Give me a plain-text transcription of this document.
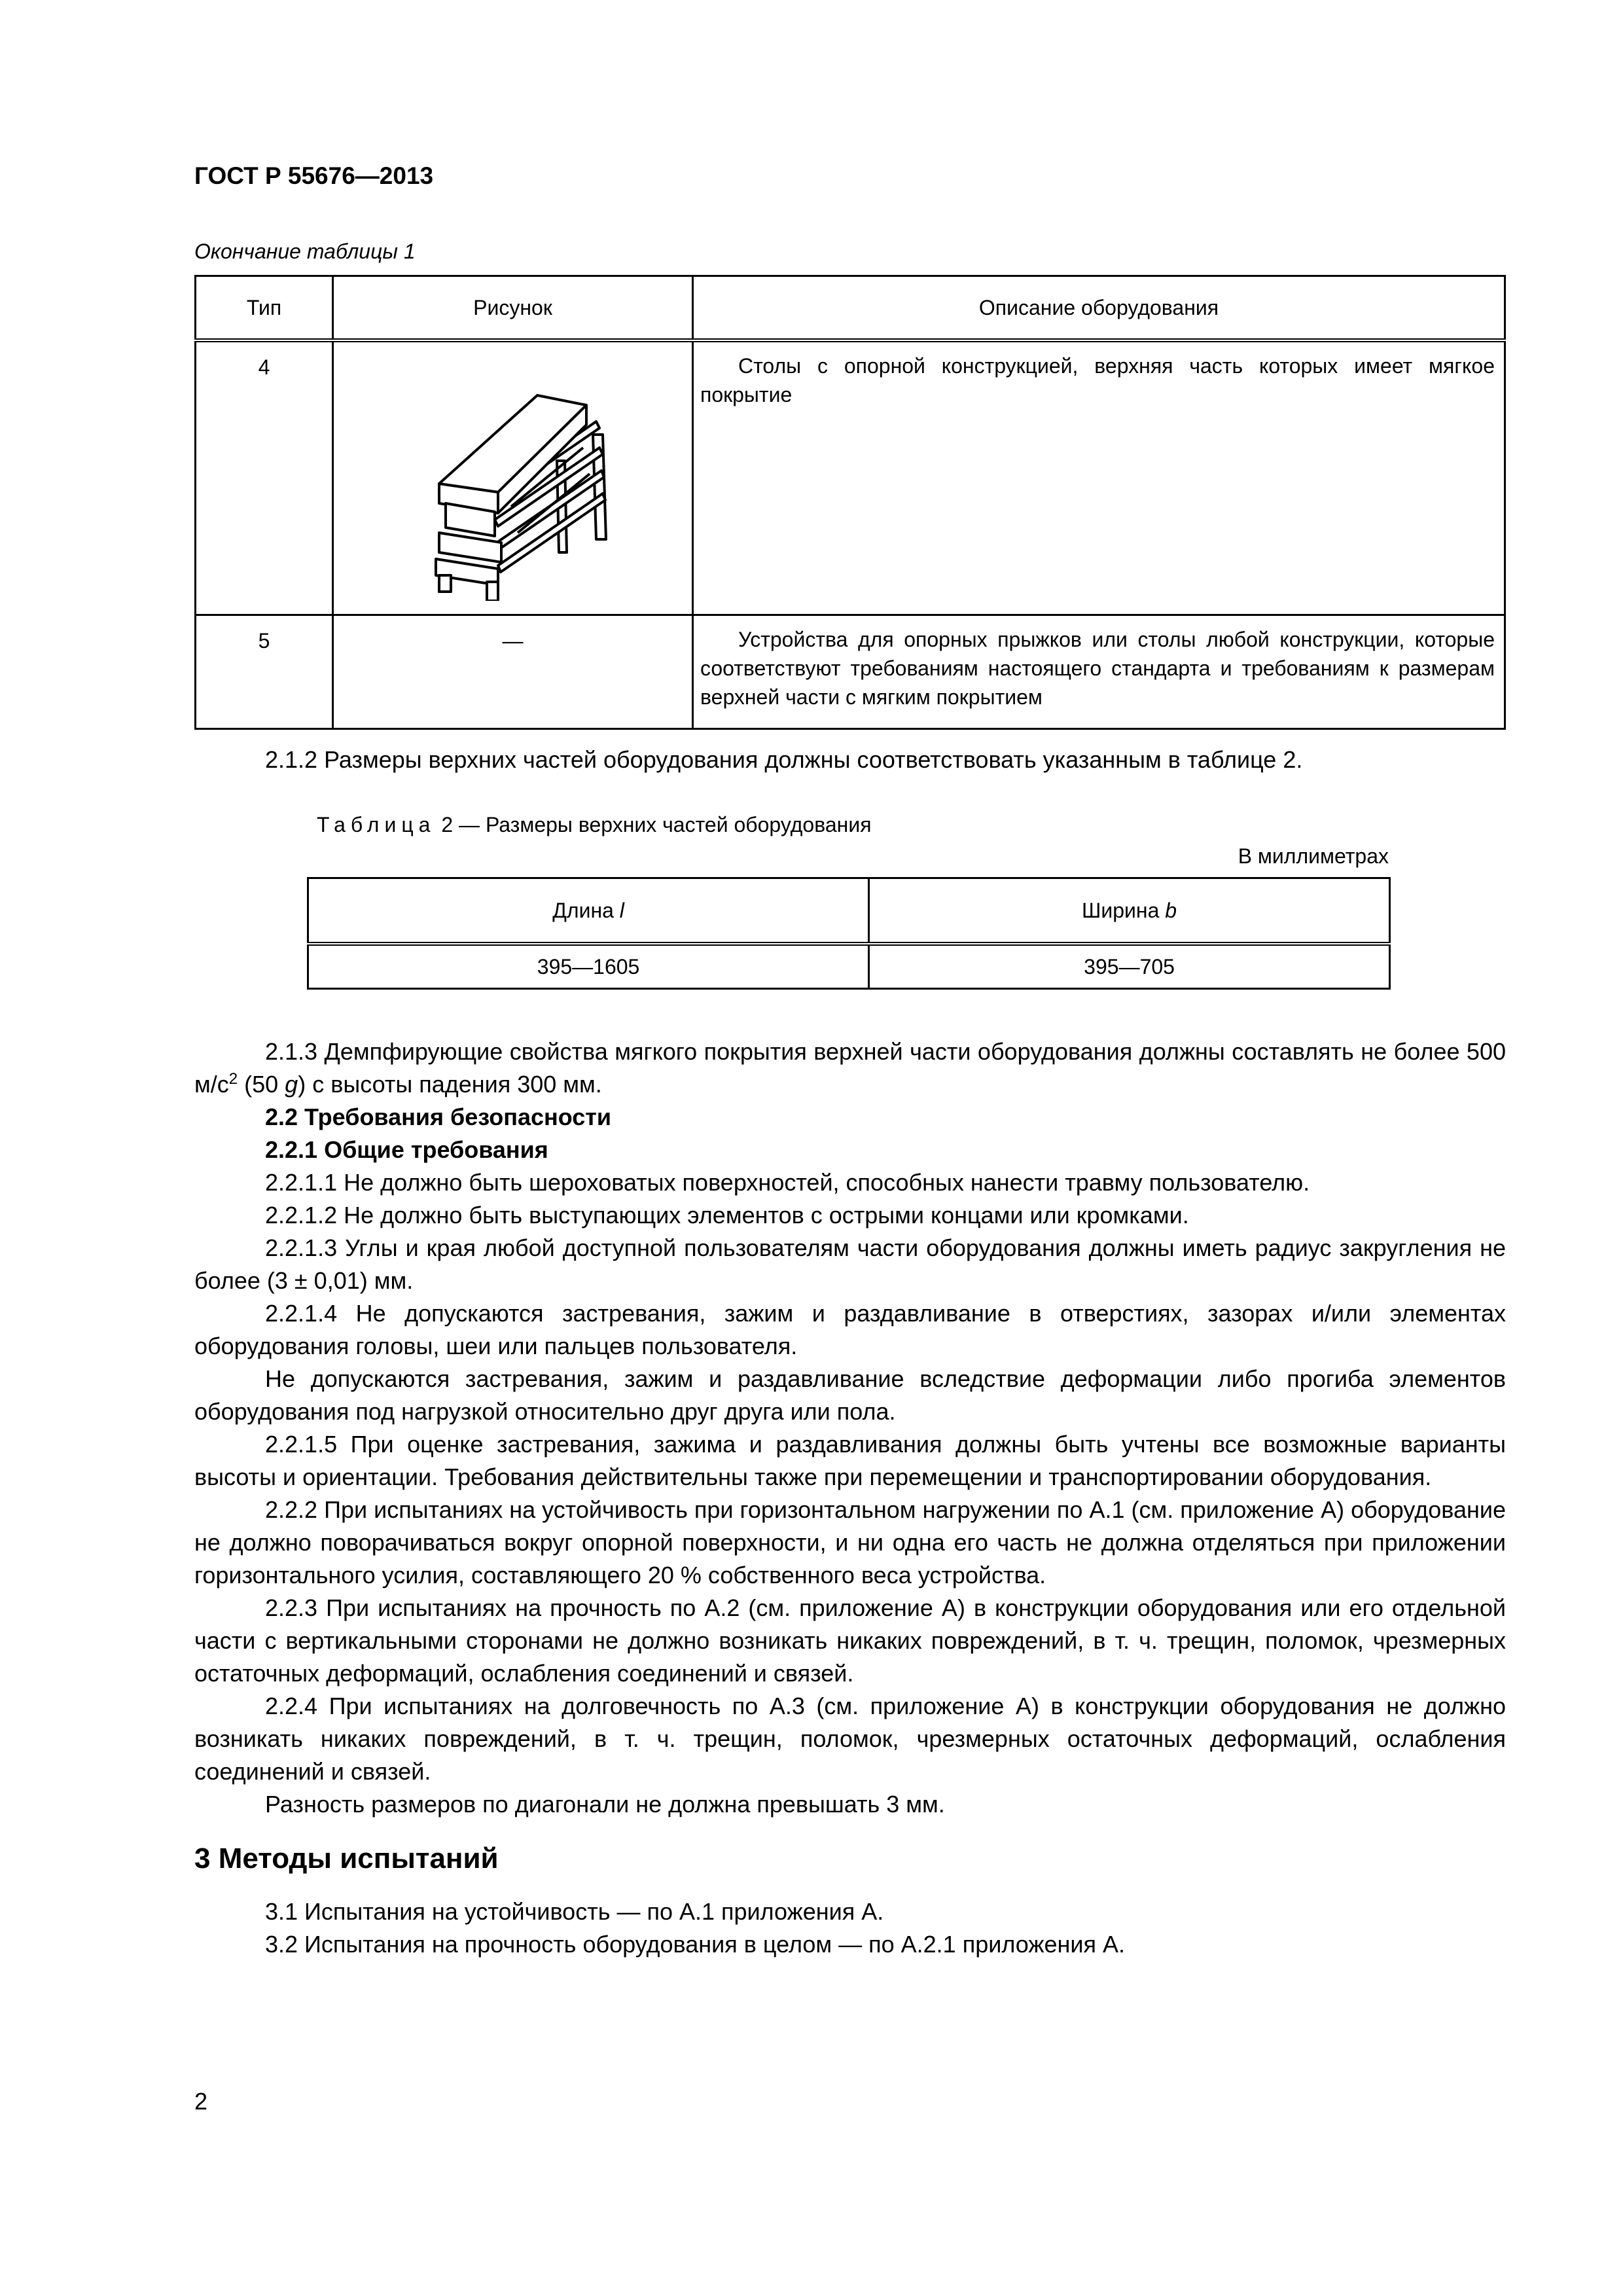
ГОСТ Р 55676—2013
Окончание таблицы 1
Тип	Рисунок	Описание оборудования
4		Столы с опорной конструкцией, верхняя часть которых имеет мягкое покрытие
5	—	Устройства для опорных прыжков или столы любой конструкции, которые соответствуют требованиям настоящего стандарта и требованиям к размерам верхней части с мягким покрытием
2.1.2 Размеры верхних частей оборудования должны соответствовать указанным в таблице 2.
Таблица 2 — Размеры верхних частей оборудования
В миллиметрах
Длина l	Ширина b
395—1605	395—705

2.1.3 Демпфирующие свойства мягкого покрытия верхней части оборудования должны составлять не более 500 $м/с^2$ (50 g) с высоты падения 300 мм.

2.2 Требования безопасности

2.2.1 Общие требования

2.2.1.1 Не должно быть шероховатых поверхностей, способных нанести травму пользователю.

2.2.1.2 Не должно быть выступающих элементов с острыми концами или кромками.

2.2.1.3 Углы и края любой доступной пользователям части оборудования должны иметь радиус закругления не более (3 ± 0,01) мм.

2.2.1.4 Не допускаются застревания, зажим и раздавливание в отверстиях, зазорах и/или элементах оборудования головы, шеи или пальцев пользователя.

Не допускаются застревания, зажим и раздавливание вследствие деформации либо прогиба элементов оборудования под нагрузкой относительно друг друга или пола.

2.2.1.5 При оценке застревания, зажима и раздавливания должны быть учтены все возможные варианты высоты и ориентации. Требования действительны также при перемещении и транспортировании оборудования.

2.2.2 При испытаниях на устойчивость при горизонтальном нагружении по А.1 (см. приложение А) оборудование не должно поворачиваться вокруг опорной поверхности, и ни одна его часть не должна отделяться при приложении горизонтального усилия, составляющего 20 % собственного веса устройства.

2.2.3 При испытаниях на прочность по А.2 (см. приложение А) в конструкции оборудования или его отдельной части с вертикальными сторонами не должно возникать никаких повреждений, в т. ч. трещин, поломок, чрезмерных остаточных деформаций, ослабления соединений и связей.

2.2.4 При испытаниях на долговечность по А.3 (см. приложение А) в конструкции оборудования не должно возникать никаких повреждений, в т. ч. трещин, поломок, чрезмерных остаточных деформаций, ослабления соединений и связей.

Разность размеров по диагонали не должна превышать 3 мм.

3 Методы испытаний

3.1 Испытания на устойчивость — по А.1 приложения А.

3.2 Испытания на прочность оборудования в целом — по А.2.1 приложения А.

2
